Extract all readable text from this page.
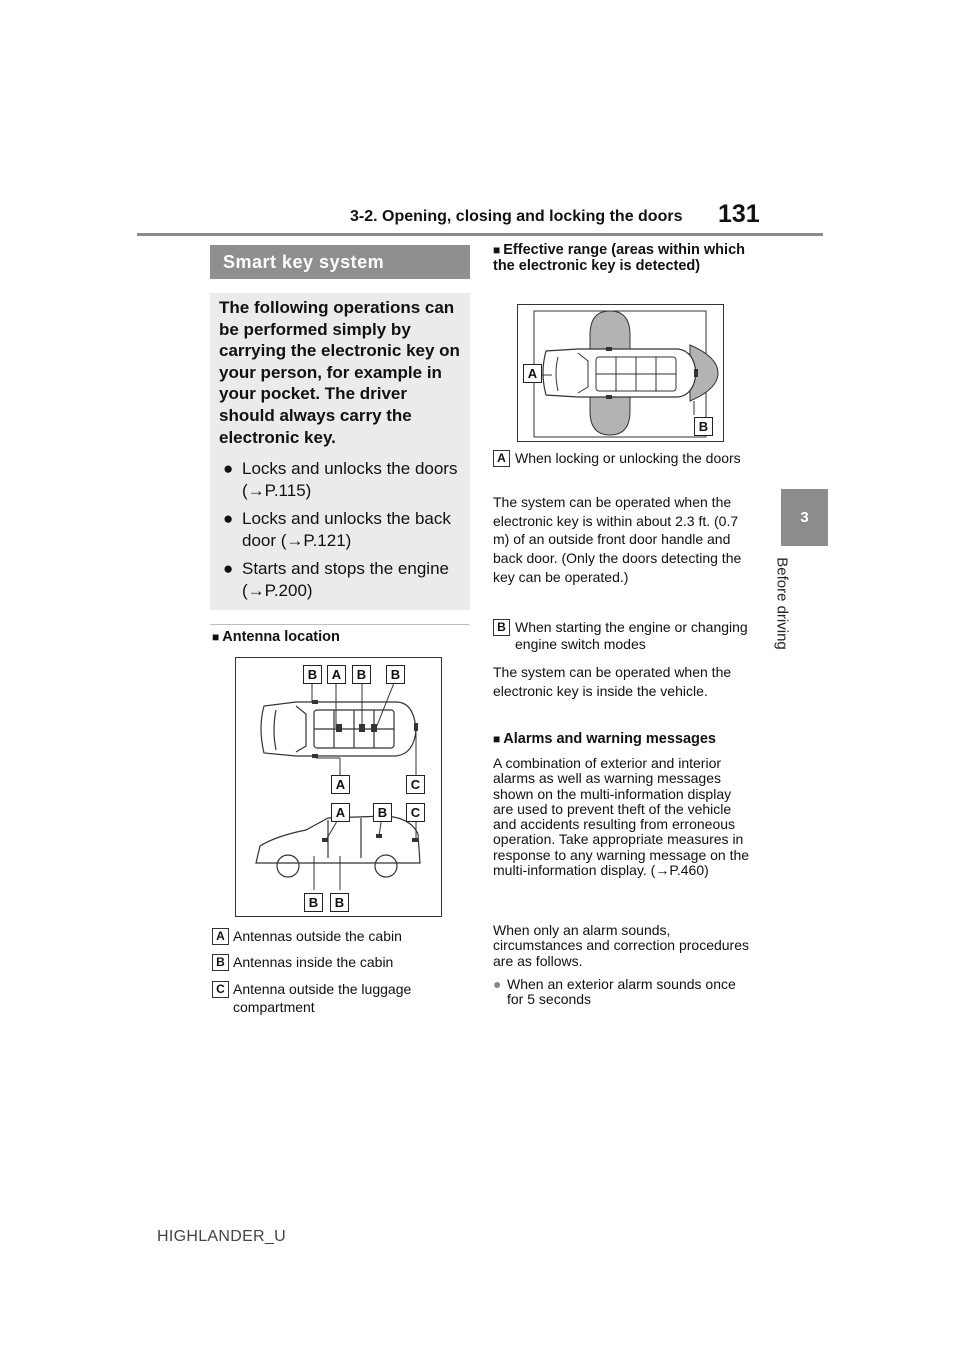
3-2. Opening, closing and locking the doors 131
3
Before driving
Smart key system
The following operations can be performed simply by carrying the electronic key on your person, for example in your pocket. The driver should always carry the electronic key.
● Locks and unlocks the doors (→P.115)
● Locks and unlocks the back door (→P.121)
● Starts and stops the engine (→P.200)
■ Antenna location
B	A	B	B
A	C
A	B	C
B	B
A Antennas outside the cabin
B Antennas inside the cabin
C Antenna outside the luggage compartment
■ Effective range (areas within which the electronic key is detected)
A
B
A When locking or unlocking the doors
The system can be operated when the electronic key is within about 2.3 ft. (0.7 m) of an outside front door handle and back door. (Only the doors detecting the key can be operated.)
B When starting the engine or changing engine switch modes
The system can be operated when the electronic key is inside the vehicle.
■ Alarms and warning messages
A combination of exterior and interior alarms as well as warning messages shown on the multi-information display are used to prevent theft of the vehicle and accidents resulting from erroneous operation. Take appropriate measures in response to any warning message on the multi-information display. (→P.460)
When only an alarm sounds, circumstances and correction procedures are as follows.
● When an exterior alarm sounds once for 5 seconds
HIGHLANDER_U
